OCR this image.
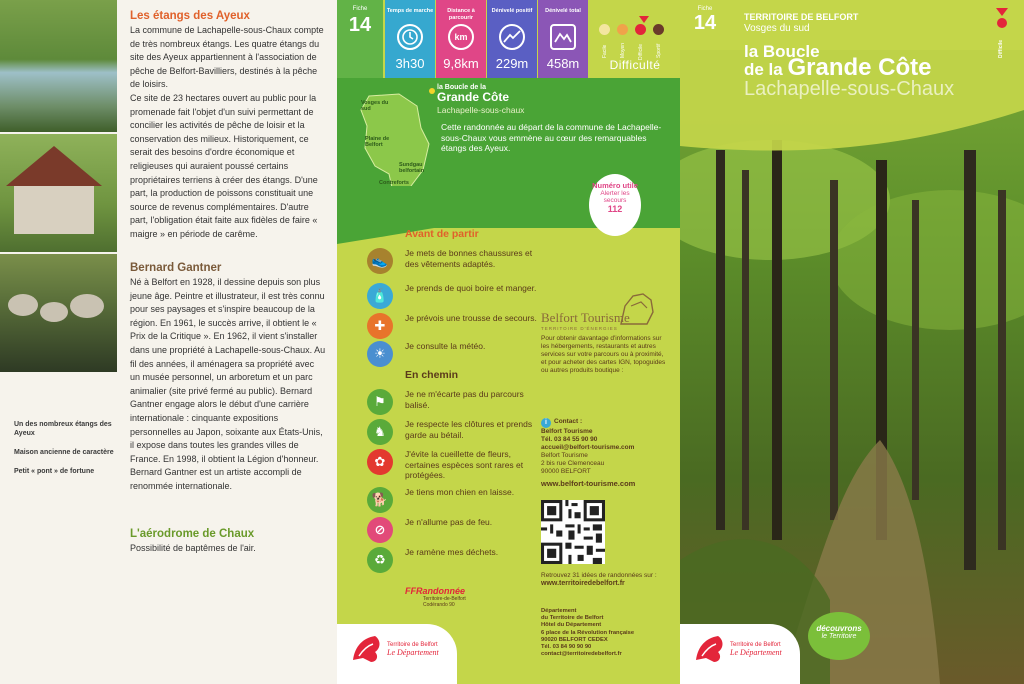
Un des nombreux étangs des Ayeux
Maison ancienne de caractère
Petit « pont » de fortune
Les étangs des Ayeux

La commune de Lachapelle-sous-Chaux compte de très nombreux étangs. Les quatre étangs du site des Ayeux appartiennent à l'association de pêche de Belfort-Bavilliers, destinés à la pêche de loisirs.

Ce site de 23 hectares ouvert au public pour la promenade fait l'objet d'un suivi permettant de concilier les activités de pêche de loisir et la conservation des milieux. Historiquement, ce serait des besoins d'ordre économique et religieuses qui auraient poussé certains propriétaires terriens à créer des étangs. D'une part, la production de poissons constituait une source de revenus complémentaires. D'autre part, l'obligation était faite aux fidèles de faire « maigre » en période de carême.

Bernard Gantner

Né à Belfort en 1928, il dessine depuis son plus jeune âge. Peintre et illustrateur, il est très connu pour ses paysages et s'inspire beaucoup de la région. En 1961, le succès arrive, il obtient le « Prix de la Critique ». En 1962, il vient s'installer dans une propriété à Lachapelle-sous-Chaux. Au fil des années, il aménagera sa propriété avec un musée personnel, un arboretum et un parc animalier (site privé fermé au public). Bernard Gantner engage alors le début d'une carrière internationale : cinquante expositions personnelles au Japon, soixante aux États-Unis, il expose dans toutes les grandes villes de France. En 1998, il obtient la Légion d'honneur. Bernard Gantner est un artiste accompli de renommée internationale.

L'aérodrome de Chaux

Possibilité de baptêmes de l'air.

Fiche
14
Temps de marche
3h30
Distance à parcourir
km
9,8km
Dénivelé positif
229m
Dénivelé total
458m
Facile Moyen Difficile Sportif
Difficulté
Vosges du sud
Plaine de Belfort
Sundgau belfortain
Contreforts
la Boucle de la
Grande Côte
Lachapelle-sous-chaux
Cette randonnée au départ de la commune de Lachapelle-sous-Chaux vous emmène au cœur des remarquables étangs des Ayeux.
Numéro utile
Alerter les secours
112
Avant de partir
👟
Je mets de bonnes chaussures et des vêtements adaptés.
🧴
Je prends de quoi boire et manger.
✚
Je prévois une trousse de secours.
☀
Je consulte la météo.
En chemin
⚑
Je ne m'écarte pas du parcours balisé.
♞
Je respecte les clôtures et prends garde au bétail.
✿
J'évite la cueillette de fleurs, certaines espèces sont rares et protégées.
🐕
Je tiens mon chien en laisse.
⊘
Je n'allume pas de feu.
♻
Je ramène mes déchets.
FFRandonnée
Territoire-de-Belfort Codérando 90
Belfort Tourisme
TERRITOIRE D'ÉNERGIES
Pour obtenir davantage d'informations sur les hébergements, restaurants et autres services sur votre parcours ou à proximité, et pour acheter des cartes IGN, topoguides ou autres produits boutique :
i Contact :
Belfort Tourisme
Tél. 03 84 55 90 90
accueil@belfort-tourisme.com
Belfort Tourisme
2 bis rue Clemenceau
90000 BELFORT
www.belfort-tourisme.com
Retrouvez 31 idées de randonnées sur :
www.territoiredebelfort.fr
Département
du Territoire de Belfort
Hôtel du Département
6 place de la Révolution française
90020 BELFORT CEDEX
Tél. 03 84 90 90 90
contact@territoiredebelfort.fr
Territoire de Belfort
Le Département
Fiche
14	TERRITOIRE DE BELFORT
Vosges du sud
Difficile
la Boucle
de la Grande Côte
Lachapelle-sous-Chaux
découvrons
le Territoire
Territoire de Belfort
Le Département
